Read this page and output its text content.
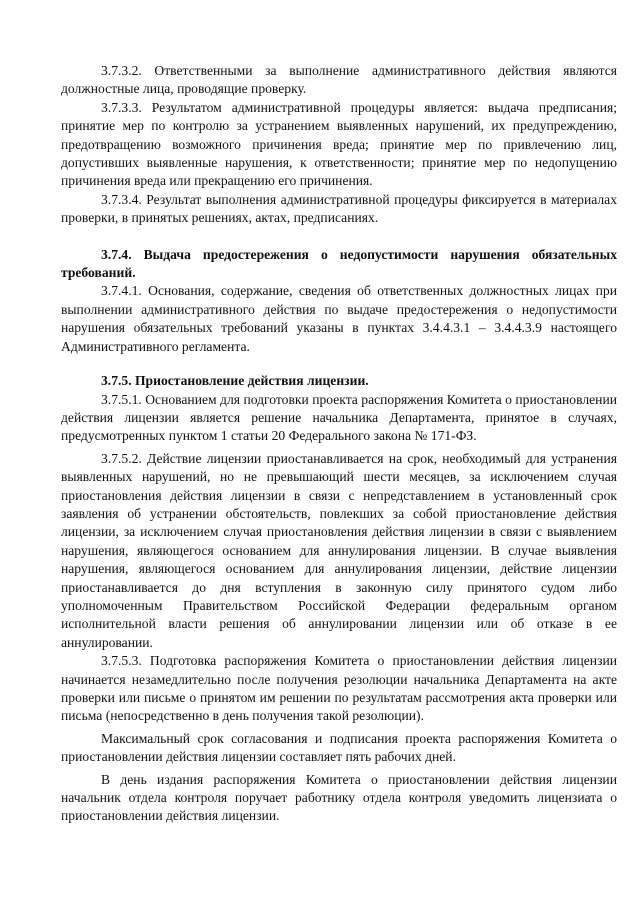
3.7.3.2. Ответственными за выполнение административного действия являются должностные лица, проводящие проверку.

3.7.3.3. Результатом административной процедуры является: выдача предписания; принятие мер по контролю за устранением выявленных нарушений, их предупреждению, предотвращению возможного причинения вреда; принятие мер по привлечению лиц, допустивших выявленные нарушения, к ответственности; принятие мер по недопущению причинения вреда или прекращению его причинения.

3.7.3.4. Результат выполнения административной процедуры фиксируется в материалах проверки, в принятых решениях, актах, предписаниях.

3.7.4. Выдача предостережения о недопустимости нарушения обязательных требований.

3.7.4.1. Основания, содержание, сведения об ответственных должностных лицах при выполнении административного действия по выдаче предостережения о недопустимости нарушения обязательных требований указаны в пунктах 3.4.4.3.1 – 3.4.4.3.9 настоящего Административного регламента.

3.7.5. Приостановление действия лицензии.

3.7.5.1. Основанием для подготовки проекта распоряжения Комитета о приостановлении действия лицензии является решение начальника Департамента, принятое в случаях, предусмотренных пунктом 1 статьи 20 Федерального закона № 171-ФЗ.

3.7.5.2. Действие лицензии приостанавливается на срок, необходимый для устранения выявленных нарушений, но не превышающий шести месяцев, за исключением случая приостановления действия лицензии в связи с непредставлением в установленный срок заявления об устранении обстоятельств, повлекших за собой приостановление действия лицензии, за исключением случая приостановления действия лицензии в связи с выявлением нарушения, являющегося основанием для аннулирования лицензии. В случае выявления нарушения, являющегося основанием для аннулирования лицензии, действие лицензии приостанавливается до дня вступления в законную силу принятого судом либо уполномоченным Правительством Российской Федерации федеральным органом исполнительной власти решения об аннулировании лицензии или об отказе в ее аннулировании.

3.7.5.3. Подготовка распоряжения Комитета о приостановлении действия лицензии начинается незамедлительно после получения резолюции начальника Департамента на акте проверки или письме о принятом им решении по результатам рассмотрения акта проверки или письма (непосредственно в день получения такой резолюции).

Максимальный срок согласования и подписания проекта распоряжения Комитета о приостановлении действия лицензии составляет пять рабочих дней.

В день издания распоряжения Комитета о приостановлении действия лицензии начальник отдела контроля поручает работнику отдела контроля уведомить лицензиата о приостановлении действия лицензии.
